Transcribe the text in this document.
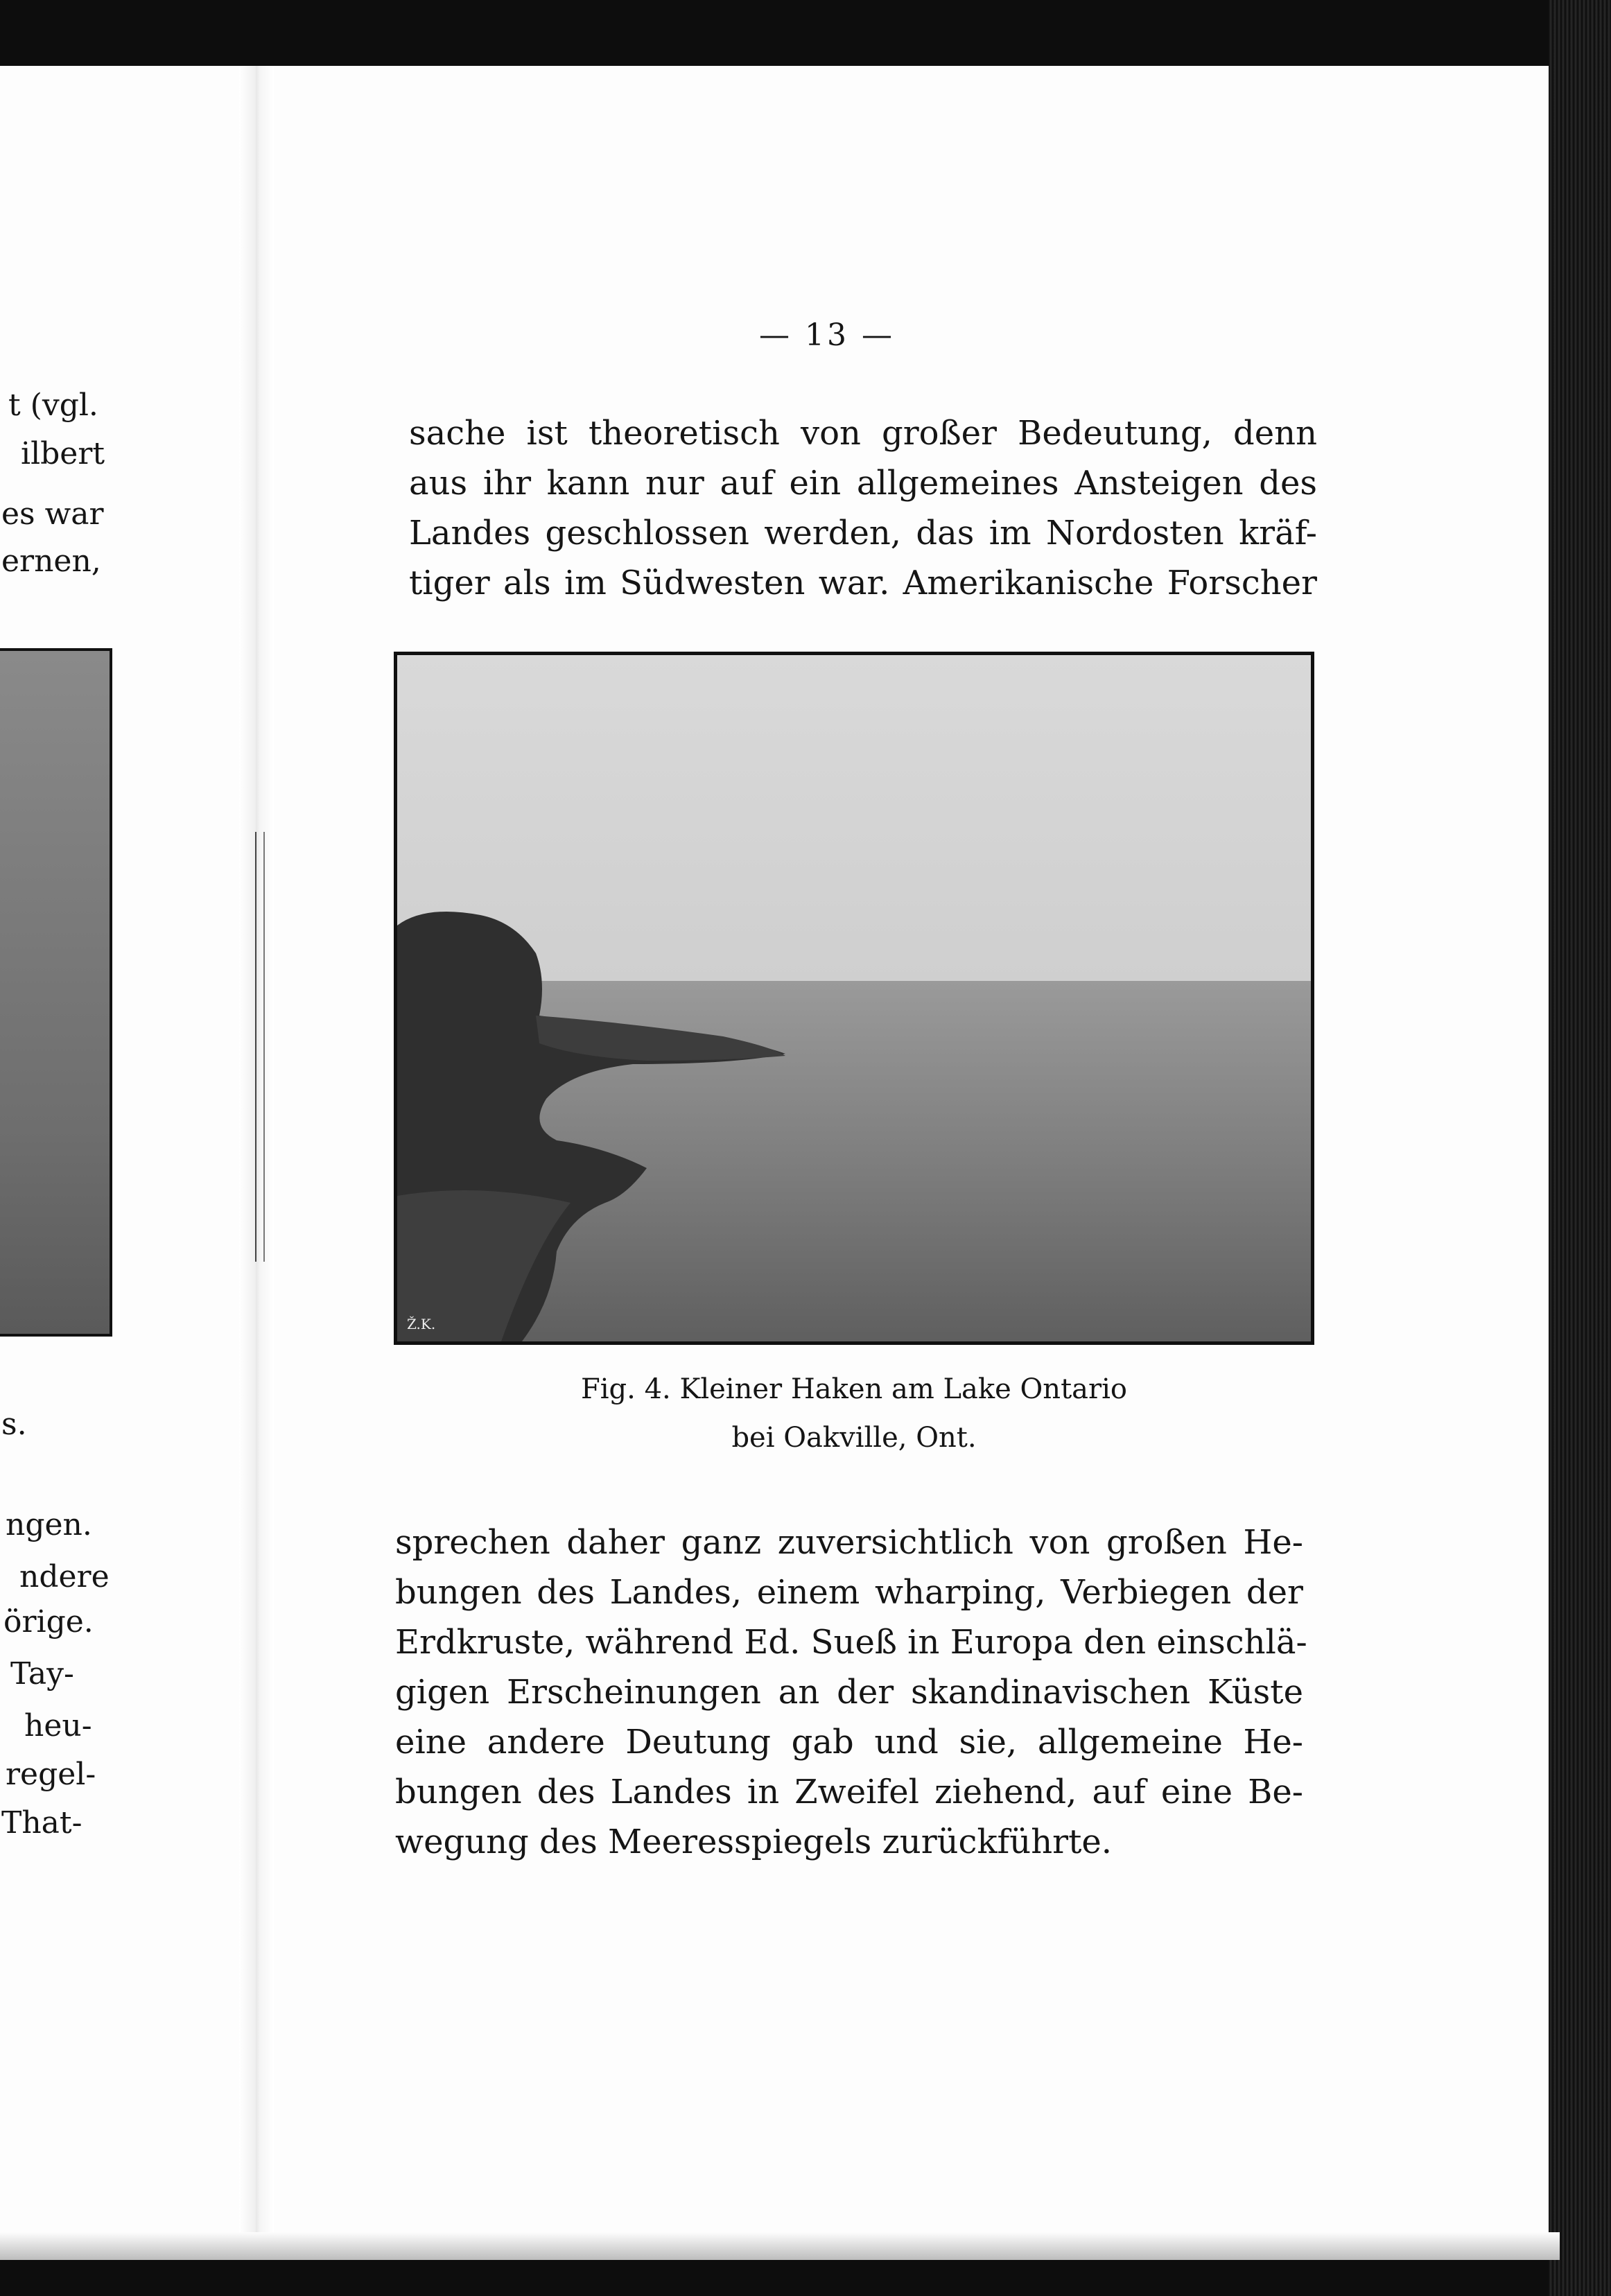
t (vgl.
ilbert
es war
ernen,
s.
ngen.
ndere
örige.
Tay-
heu-
regel-
That-
— 13 —
sache ist theoretisch von großer Bedeutung, denn
aus ihr kann nur auf ein allgemeines Ansteigen des
Landes geschlossen werden, das im Nordosten kräf-
tiger als im Südwesten war. Amerikanische Forscher
Ž.K.
Fig. 4. Kleiner Haken am Lake Ontario
bei Oakville, Ont.
sprechen daher ganz zuversichtlich von großen He-
bungen des Landes, einem wharping, Verbiegen der
Erdkruste, während Ed. Sueß in Europa den einschlä-
gigen Erscheinungen an der skandinavischen Küste
eine andere Deutung gab und sie, allgemeine He-
bungen des Landes in Zweifel ziehend, auf eine Be-
wegung des Meeresspiegels zurückführte.
